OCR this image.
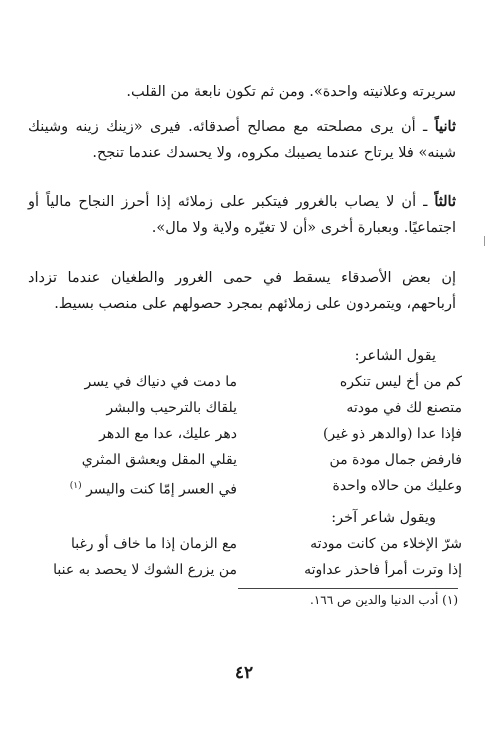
سريرته وعلانيته واحدة». ومن ثم تكون نابعة من القلب.

ثانياً ـ أن يرى مصلحته مع مصالح أصدقائه. فيرى «زينك زينه وشينك شينه» فلا يرتاح عندما يصيبك مكروه، ولا يحسدك عندما تنجح.

ثالثاً ـ أن لا يصاب بالغرور فيتكبر على زملائه إذا أحرز النجاح مالياً أو اجتماعيًا. وبعبارة أخرى «أن لا تغيّره ولاية ولا مال».

إن بعض الأصدقاء يسقط في حمى الغرور والطغيان عندما تزداد أرباحهم، ويتمردون على زملائهم بمجرد حصولهم على منصب بسيط.

يقول الشاعر:
كم من أخ ليس تنكره
ما دمت في دنياك في يسر
متصنع لك في مودته
يلقاك بالترحيب والبشر
فإذا عدا (والدهر ذو غير)
دهر عليك، عدا مع الدهر
فارفض جمال مودة من
يقلي المقل ويعشق المثري
وعليك من حالاه واحدة
في العسر إمّا كنت واليسر $^{(١)}$
ويقول شاعر آخر:
شرّ الإخلاء من كانت مودته
مع الزمان إذا ما خاف أو رغبا
إذا وترت أمرأ فاحذر عداوته
من يزرع الشوك لا يحصد به عنبا
(١) أدب الدنيا والدين ص ١٦٦.
٤٢
